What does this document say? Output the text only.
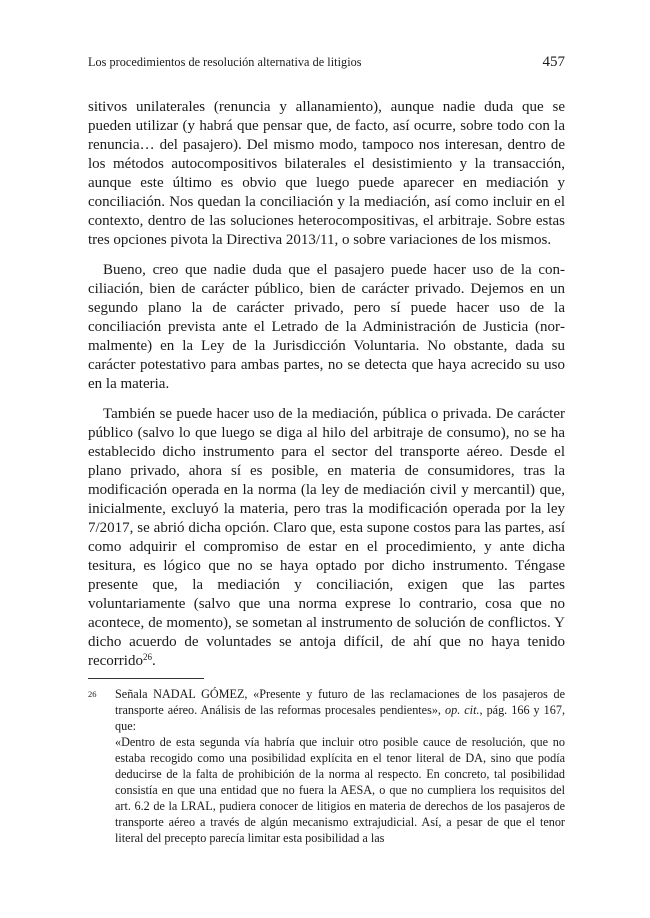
Los procedimientos de resolución alternativa de litigios	457

sitivos unilaterales (renuncia y allanamiento), aunque nadie duda que se pueden utilizar (y habrá que pensar que, de facto, así ocurre, sobre todo con la renuncia… del pasajero). Del mismo modo, tampoco nos interesan, dentro de los métodos autocompositivos bilaterales el desistimiento y la transacción, aunque este último es obvio que luego puede aparecer en mediación y conciliación. Nos quedan la conciliación y la mediación, así como incluir en el contexto, dentro de las soluciones heterocompositivas, el arbitraje. Sobre estas tres opciones pivota la Directiva 2013/11, o sobre variaciones de los mismos.

Bueno, creo que nadie duda que el pasajero puede hacer uso de la conciliación, bien de carácter público, bien de carácter privado. Dejemos en un segundo plano la de carácter privado, pero sí puede hacer uso de la conciliación prevista ante el Letrado de la Administración de Justicia (normalmente) en la Ley de la Jurisdicción Voluntaria. No obstante, dada su carácter potestativo para ambas partes, no se detecta que haya acrecido su uso en la materia.

También se puede hacer uso de la mediación, pública o privada. De carácter público (salvo lo que luego se diga al hilo del arbitraje de consumo), no se ha establecido dicho instrumento para el sector del transporte aéreo. Desde el plano privado, ahora sí es posible, en materia de consumidores, tras la modificación operada en la norma (la ley de mediación civil y mercantil) que, inicialmente, excluyó la materia, pero tras la modificación operada por la ley 7/2017, se abrió dicha opción. Claro que, esta supone costos para las partes, así como adquirir el compromiso de estar en el procedimiento, y ante dicha tesitura, es lógico que no se haya optado por dicho instrumento. Téngase presente que, la mediación y conciliación, exigen que las partes voluntariamente (salvo que una norma exprese lo contrario, cosa que no acontece, de momento), se sometan al instrumento de solución de conflictos. Y dicho acuerdo de voluntades se antoja difícil, de ahí que no haya tenido recorrido$^{26}$.

26 Señala NADAL GÓMEZ, «Presente y futuro de las reclamaciones de los pasajeros de transporte aéreo. Análisis de las reformas procesales pendientes», op. cit., pág. 166 y 167, que:

«Dentro de esta segunda vía habría que incluir otro posible cauce de resolución, que no estaba recogido como una posibilidad explícita en el tenor literal de DA, sino que podía deducirse de la falta de prohibición de la norma al respecto. En concreto, tal posibilidad consistía en que una entidad que no fuera la AESA, o que no cumpliera los requisitos del art. 6.2 de la LRAL, pudiera conocer de litigios en materia de derechos de los pasajeros de transporte aéreo a través de algún mecanismo extrajudicial. Así, a pesar de que el tenor literal del precepto parecía limitar esta posibilidad a las
